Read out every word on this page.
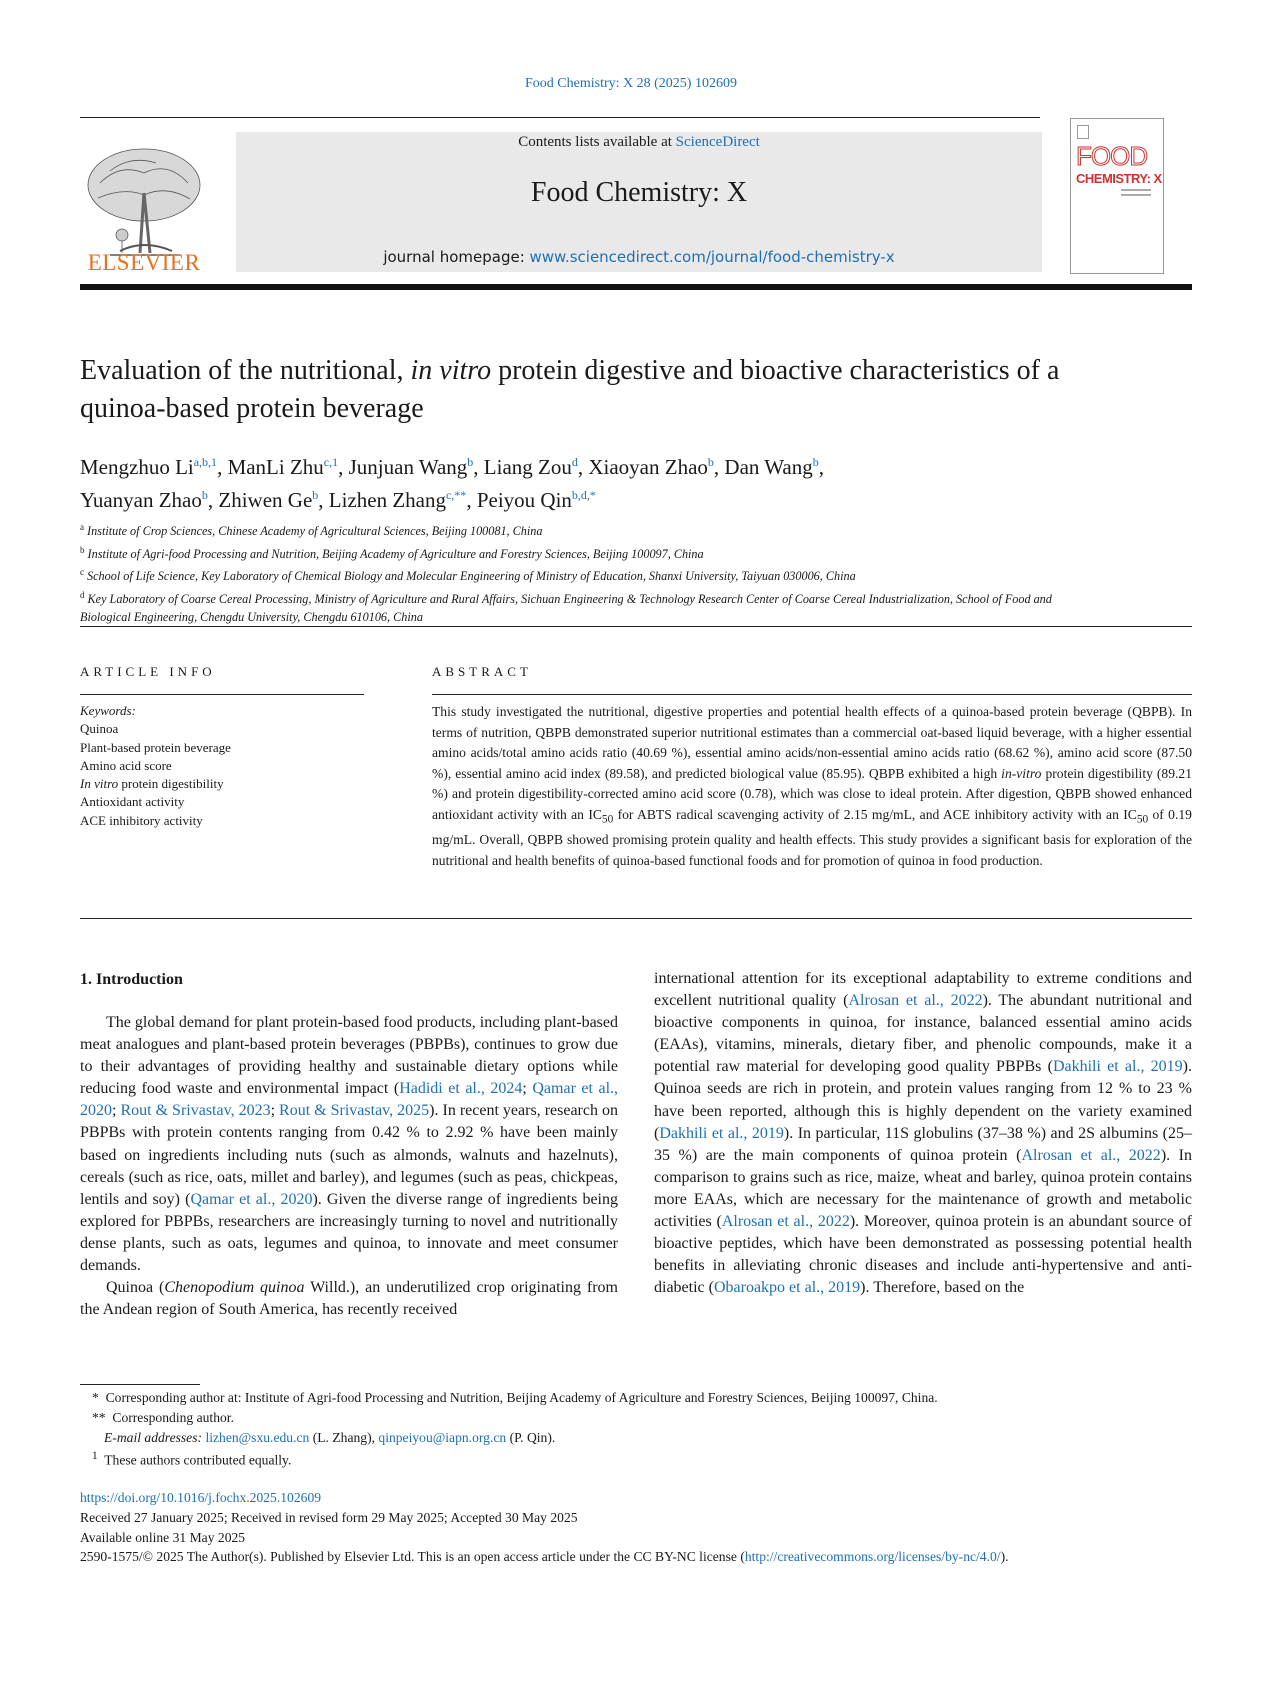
Food Chemistry: X 28 (2025) 102609
ELSEVIER
Contents lists available at ScienceDirect
Food Chemistry: X
journal homepage: www.sciencedirect.com/journal/food-chemistry-x
FOOD
CHEMISTRY: X
Evaluation of the nutritional, in vitro protein digestive and bioactive characteristics of a quinoa-based protein beverage
Mengzhuo Li$^{a,b,1}$, ManLi Zhu$^{c,1}$, Junjuan Wang$^b$, Liang Zou$^d$, Xiaoyan Zhao$^b$, Dan Wang$^b$,
Yuanyan Zhao$^b$, Zhiwen Ge$^b$, Lizhen Zhang$^{c,**}$, Peiyou Qin$^{b,d,*}$
$^a$ Institute of Crop Sciences, Chinese Academy of Agricultural Sciences, Beijing 100081, China
$^b$ Institute of Agri-food Processing and Nutrition, Beijing Academy of Agriculture and Forestry Sciences, Beijing 100097, China
$^c$ School of Life Science, Key Laboratory of Chemical Biology and Molecular Engineering of Ministry of Education, Shanxi University, Taiyuan 030006, China
$^d$ Key Laboratory of Coarse Cereal Processing, Ministry of Agriculture and Rural Affairs, Sichuan Engineering & Technology Research Center of Coarse Cereal Industrialization, School of Food and Biological Engineering, Chengdu University, Chengdu 610106, China
ARTICLE INFO	ABSTRACT
Keywords:
Quinoa
Plant-based protein beverage
Amino acid score
In vitro protein digestibility
Antioxidant activity
ACE inhibitory activity
This study investigated the nutritional, digestive properties and potential health effects of a quinoa-based protein beverage (QBPB). In terms of nutrition, QBPB demonstrated superior nutritional estimates than a commercial oat-based liquid beverage, with a higher essential amino acids/total amino acids ratio (40.69 %), essential amino acids/non-essential amino acids ratio (68.62 %), amino acid score (87.50 %), essential amino acid index (89.58), and predicted biological value (85.95). QBPB exhibited a high in-vitro protein digestibility (89.21 %) and protein digestibility-corrected amino acid score (0.78), which was close to ideal protein. After digestion, QBPB showed enhanced antioxidant activity with an $IC_{50}$ for ABTS radical scavenging activity of 2.15 mg/mL, and ACE inhibitory activity with an $IC_{50}$ of 0.19 mg/mL. Overall, QBPB showed promising protein quality and health effects. This study provides a significant basis for exploration of the nutritional and health benefits of quinoa-based functional foods and for promotion of quinoa in food production.
1. Introduction

The global demand for plant protein-based food products, including plant-based meat analogues and plant-based protein beverages (PBPBs), continues to grow due to their advantages of providing healthy and sustainable dietary options while reducing food waste and environmental impact (Hadidi et al., 2024; Qamar et al., 2020; Rout & Srivastav, 2023; Rout & Srivastav, 2025). In recent years, research on PBPBs with protein contents ranging from 0.42 % to 2.92 % have been mainly based on ingredients including nuts (such as almonds, walnuts and hazelnuts), cereals (such as rice, oats, millet and barley), and legumes (such as peas, chickpeas, lentils and soy) (Qamar et al., 2020). Given the diverse range of ingredients being explored for PBPBs, researchers are increasingly turning to novel and nutritionally dense plants, such as oats, legumes and quinoa, to innovate and meet consumer demands.

Quinoa (Chenopodium quinoa Willd.), an underutilized crop originating from the Andean region of South America, has recently received

international attention for its exceptional adaptability to extreme conditions and excellent nutritional quality (Alrosan et al., 2022). The abundant nutritional and bioactive components in quinoa, for instance, balanced essential amino acids (EAAs), vitamins, minerals, dietary fiber, and phenolic compounds, make it a potential raw material for developing good quality PBPBs (Dakhili et al., 2019). Quinoa seeds are rich in protein, and protein values ranging from 12 % to 23 % have been reported, although this is highly dependent on the variety examined (Dakhili et al., 2019). In particular, 11S globulins (37–38 %) and 2S albumins (25–35 %) are the main components of quinoa protein (Alrosan et al., 2022). In comparison to grains such as rice, maize, wheat and barley, quinoa protein contains more EAAs, which are necessary for the maintenance of growth and metabolic activities (Alrosan et al., 2022). Moreover, quinoa protein is an abundant source of bioactive peptides, which have been demonstrated as possessing potential health benefits in alleviating chronic diseases and include anti-hypertensive and anti-diabetic (Obaroakpo et al., 2019). Therefore, based on the

* Corresponding author at: Institute of Agri-food Processing and Nutrition, Beijing Academy of Agriculture and Forestry Sciences, Beijing 100097, China.
** Corresponding author.
E-mail addresses: lizhen@sxu.edu.cn (L. Zhang), qinpeiyou@iapn.org.cn (P. Qin).
$^1$ These authors contributed equally.
https://doi.org/10.1016/j.fochx.2025.102609
Received 27 January 2025; Received in revised form 29 May 2025; Accepted 30 May 2025
Available online 31 May 2025
2590-1575/© 2025 The Author(s). Published by Elsevier Ltd. This is an open access article under the CC BY-NC license (http://creativecommons.org/licenses/by-nc/4.0/).
